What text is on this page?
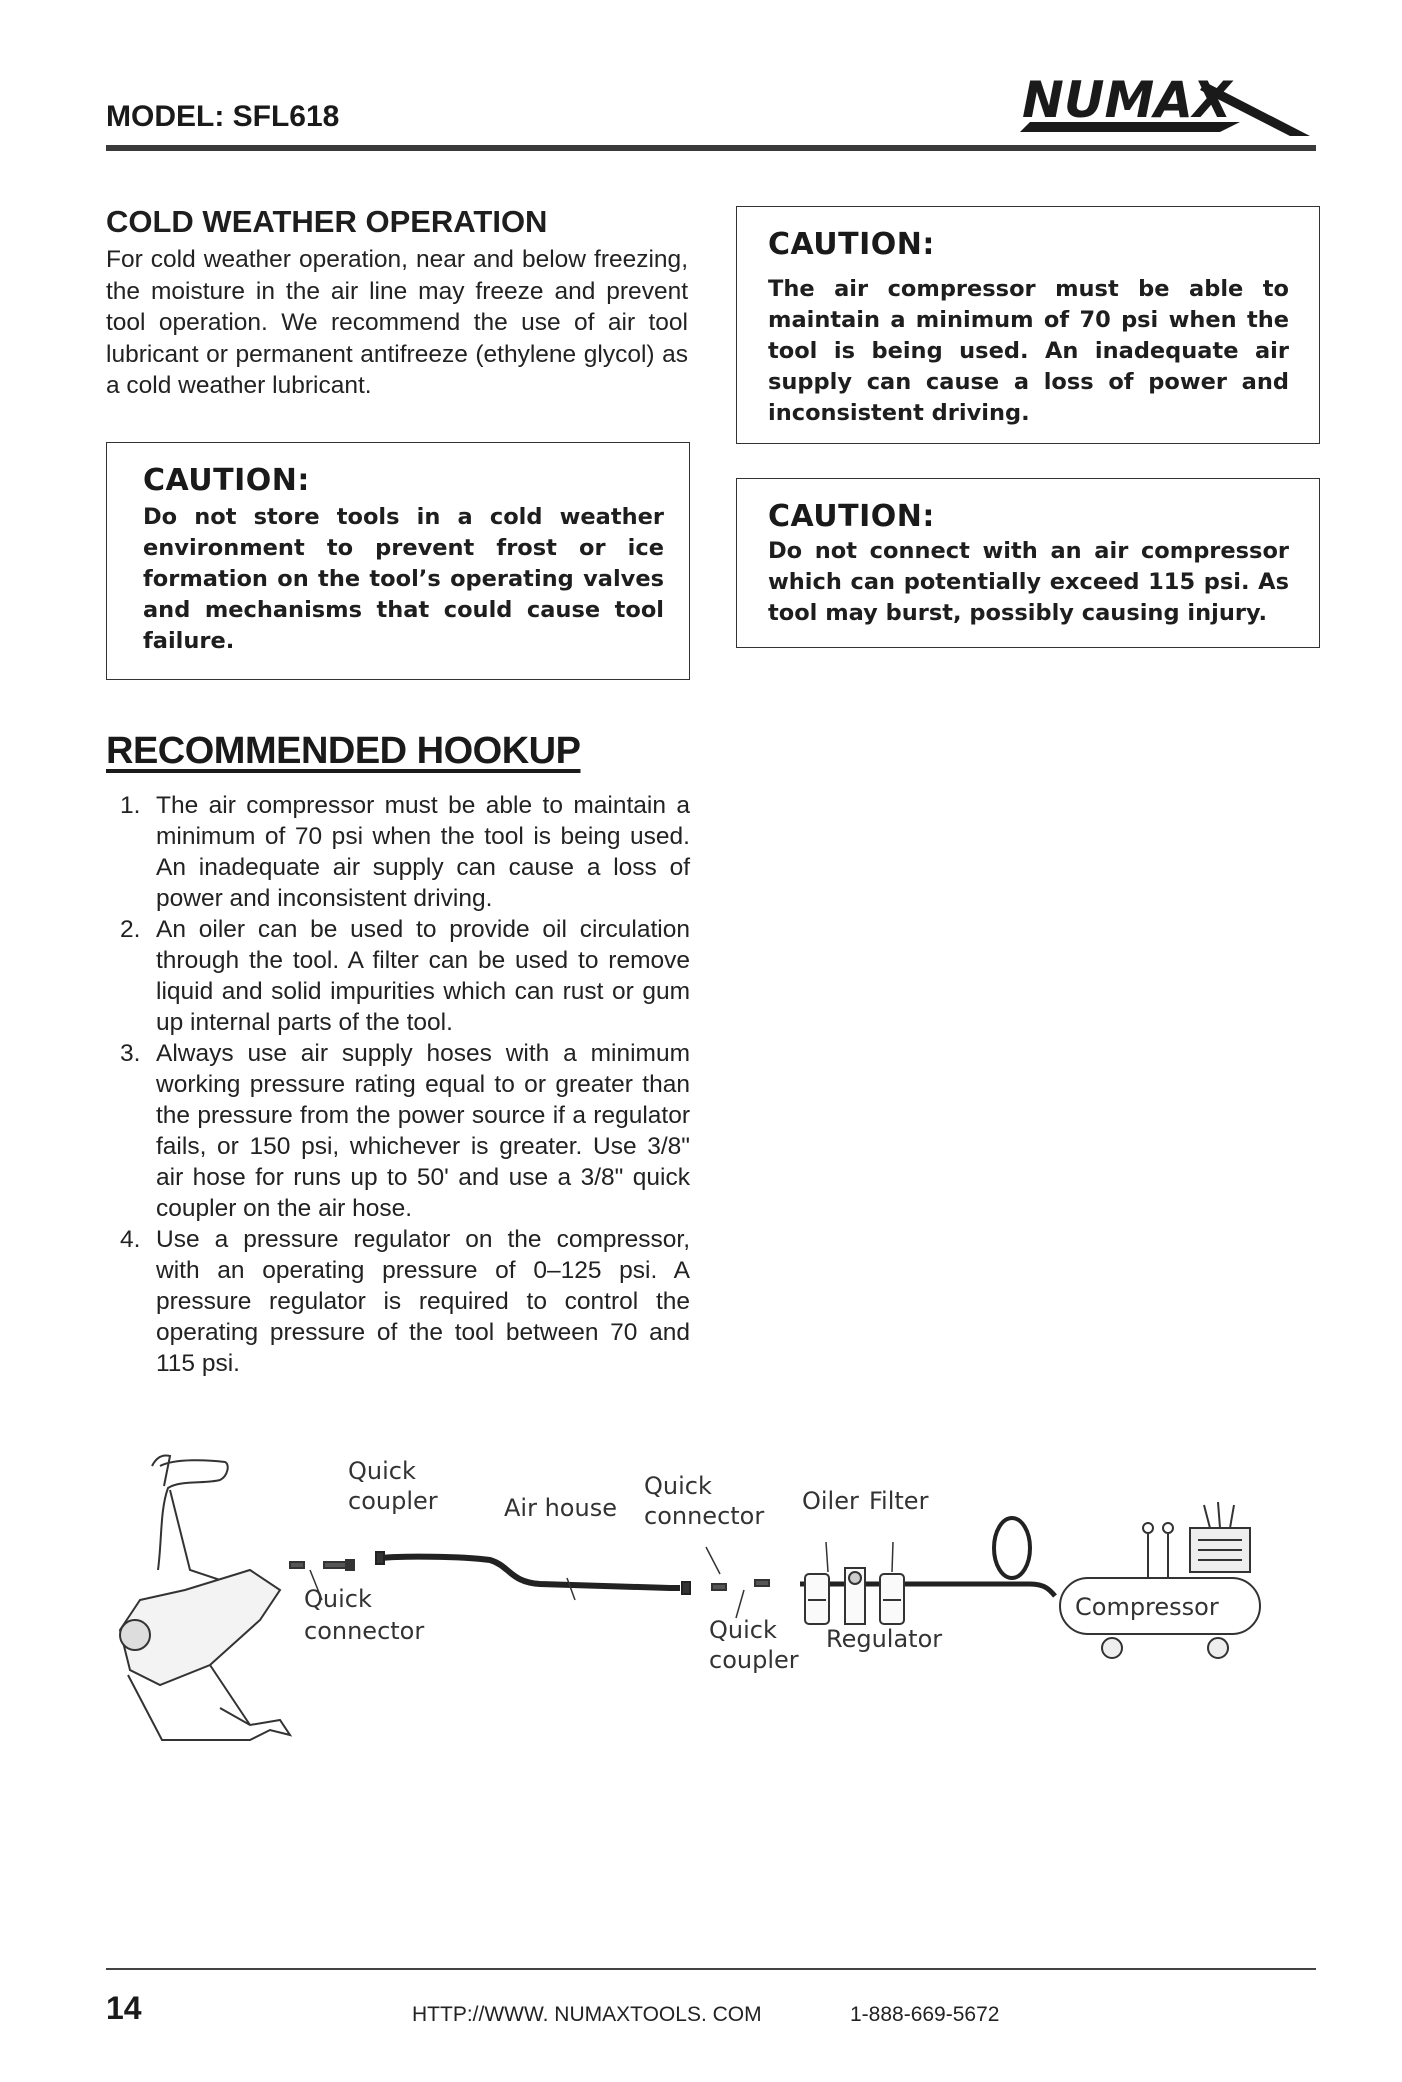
MODEL: SFL618	NUMAX
COLD WEATHER OPERATION
For cold weather operation, near and below freezing, the moisture in the air line may freeze and prevent tool operation. We recommend the use of air tool lubricant or permanent antifreeze (ethylene glycol) as a cold weather lubricant.
CAUTION:

The air compressor must be able to maintain a minimum of 70 psi when the tool is being used. An inadequate air supply can cause a loss of power and inconsistent driving.

CAUTION:

Do not store tools in a cold weather environment to prevent frost or ice formation on the tool’s operating valves and mechanisms that could cause tool failure.

CAUTION:

Do not connect with an air compressor which can potentially exceed 115 psi. As tool may burst, possibly causing injury.

RECOMMENDED HOOKUP
1. The air compressor must be able to maintain a minimum of 70 psi when the tool is being used. An inadequate air supply can cause a loss of power and inconsistent driving.
2. An oiler can be used to provide oil circulation through the tool. A filter can be used to remove liquid and solid impurities which can rust or gum up internal parts of the tool.
3. Always use air supply hoses with a minimum working pressure rating equal to or greater than the pressure from the power source if a regulator fails, or 150 psi, whichever is greater. Use 3/8" air hose for runs up to 50' and use a 3/8" quick coupler on the air hose.
4. Use a pressure regulator on the compressor, with an operating pressure of 0–125 psi. A pressure regulator is required to control the operating pressure of the tool between 70 and 115 psi.
Quick
coupler
Quick
connector
Air house
Quick
connector
Quick
coupler
Oiler Filter
Regulator
Compressor
14	HTTP://WWW. NUMAXTOOLS. COM	1-888-669-5672
